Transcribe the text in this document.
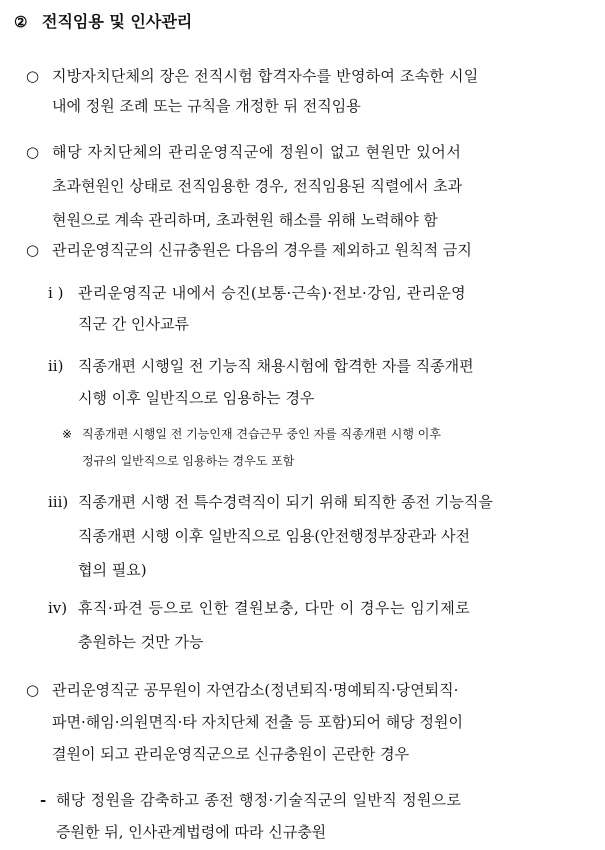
② 전직임용 및 인사관리
○ 지방자치단체의 장은 전직시험 합격자수를 반영하여 조속한 시일
내에 정원 조례 또는 규칙을 개정한 뒤 전직임용
○ 해당 자치단체의 관리운영직군에 정원이 없고 현원만 있어서
초과현원인 상태로 전직임용한 경우, 전직임용된 직렬에서 초과
현원으로 계속 관리하며, 초과현원 해소를 위해 노력해야 함
○ 관리운영직군의 신규충원은 다음의 경우를 제외하고 원칙적 금지
i ) 관리운영직군 내에서 승진(보통·근속)·전보·강임, 관리운영
직군 간 인사교류
ii) 직종개편 시행일 전 기능직 채용시험에 합격한 자를 직종개편
시행 이후 일반직으로 임용하는 경우
※ 직종개편 시행일 전 기능인재 견습근무 중인 자를 직종개편 시행 이후
정규의 일반직으로 임용하는 경우도 포함
iii) 직종개편 시행 전 특수경력직이 되기 위해 퇴직한 종전 기능직을
직종개편 시행 이후 일반직으로 임용(안전행정부장관과 사전
협의 필요)
iv) 휴직·파견 등으로 인한 결원보충, 다만 이 경우는 임기제로
충원하는 것만 가능
○ 관리운영직군 공무원이 자연감소(정년퇴직·명예퇴직·당연퇴직·
파면·해임·의원면직·타 자치단체 전출 등 포함)되어 해당 정원이
결원이 되고 관리운영직군으로 신규충원이 곤란한 경우
- 해당 정원을 감축하고 종전 행정·기술직군의 일반직 정원으로
증원한 뒤, 인사관계법령에 따라 신규충원
